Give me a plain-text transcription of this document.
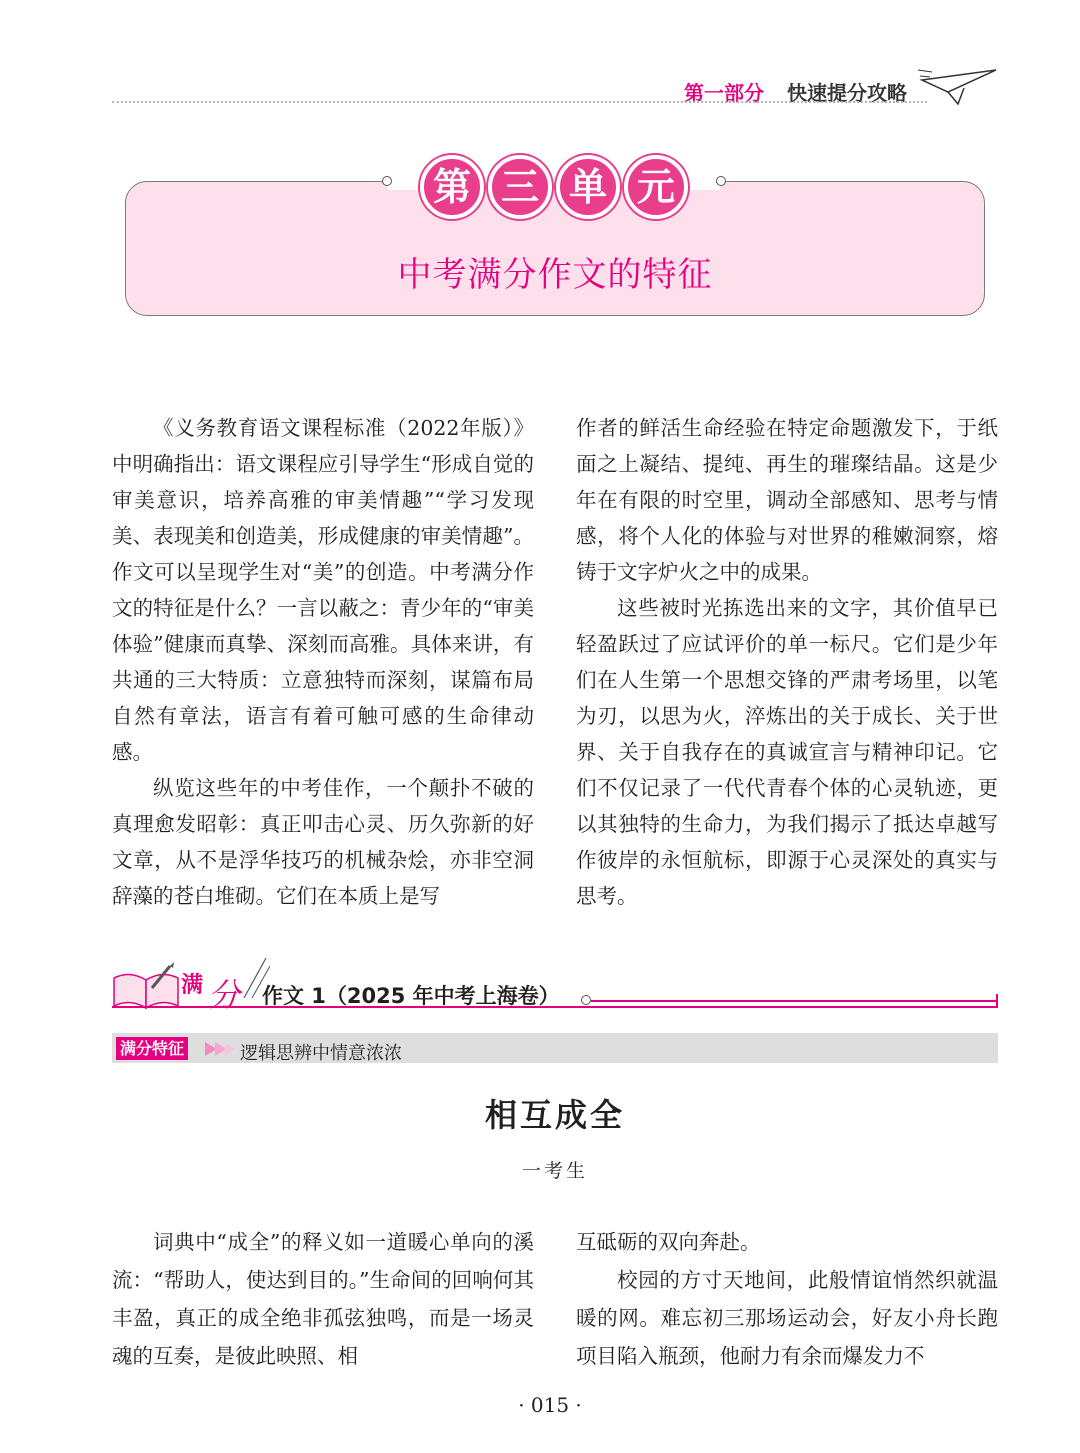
第一部分 快速提分攻略
第 三 单 元
中考满分作文的特征

《义务教育语文课程标准（2022年版）》中明确指出：语文课程应引导学生“形成自觉的审美意识，培养高雅的审美情趣”“学习发现美、表现美和创造美，形成健康的审美情趣”。作文可以呈现学生对“美”的创造。中考满分作文的特征是什么？一言以蔽之：青少年的“审美体验”健康而真挚、深刻而高雅。具体来讲，有共通的三大特质：立意独特而深刻，谋篇布局自然有章法，语言有着可触可感的生命律动感。

纵览这些年的中考佳作，一个颠扑不破的真理愈发昭彰：真正叩击心灵、历久弥新的好文章，从不是浮华技巧的机械杂烩，亦非空洞辞藻的苍白堆砌。它们在本质上是写

作者的鲜活生命经验在特定命题激发下，于纸面之上凝结、提纯、再生的璀璨结晶。这是少年在有限的时空里，调动全部感知、思考与情感，将个人化的体验与对世界的稚嫩洞察，熔铸于文字炉火之中的成果。

这些被时光拣选出来的文字，其价值早已轻盈跃过了应试评价的单一标尺。它们是少年们在人生第一个思想交锋的严肃考场里，以笔为刃，以思为火，淬炼出的关于成长、关于世界、关于自我存在的真诚宣言与精神印记。它们不仅记录了一代代青春个体的心灵轨迹，更以其独特的生命力，为我们揭示了抵达卓越写作彼岸的永恒航标，即源于心灵深处的真实与思考。

满 分 作文 1（2025 年中考上海卷）
满分特征	逻辑思辨中情意浓浓
相互成全
一考生

词典中“成全”的释义如一道暖心单向的溪流：“帮助人，使达到目的。”生命间的回响何其丰盈，真正的成全绝非孤弦独鸣，而是一场灵魂的互奏，是彼此映照、相

互砥砺的双向奔赴。

校园的方寸天地间，此般情谊悄然织就温暖的网。难忘初三那场运动会，好友小舟长跑项目陷入瓶颈，他耐力有余而爆发力不

· 015 ·
